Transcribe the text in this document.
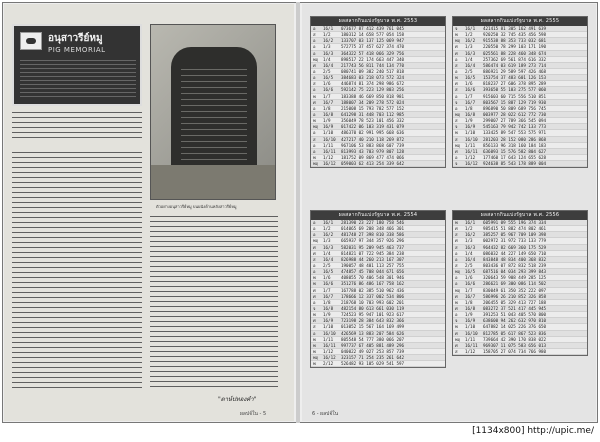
อนุสาวรีย์หมู
PIG MEMORIAL
ตัวอย่างอนุสาวรีย์หมู บนผนังด้านหลังสาวรีย์หมู
"ดาษ์ปทองคำ"
ผลปจ์ใน - 5
ผลสลากกินแบ่งรัฐบาล พ.ศ. 2553
อ 16/1 073677 87 412 439 761 045
ส 1/2 180312 14 658 577 054 158
อ 16/2 133707 03 137 125 069 947
อ 1/3 572775 37 457 627 374 470
อ 16/3 364322 57 418 066 329 756
พฤ 1/4 898517 22 174 663 447 340
ศ 16/4 217743 56 811 744 134 770
อ 2/5 080741 09 382 240 517 818
อ 16/5 384683 03 218 073 572 324
ส 1/6 446874 81 374 298 986 672
อ 16/6 592142 75 223 129 803 256
พ 1/7 183388 46 669 850 818 981
ศ 16/7 188007 34 209 278 572 024
อ 1/8 215008 15 793 782 577 152
อ 16/8 641298 31 448 703 112 985
พ 1/9 356049 78 523 101 456 332
พฤ 16/9 017422 06 103 319 431 079
อ 1/10 486370 02 991 995 668 636
ส 16/10 427217 40 210 118 269 872
อ 1/11 967106 53 883 868 607 739
อ 16/11 813993 43 703 979 807 128
พ 1/12 181752 09 869 477 474 066
พฤ 16/12 059003 62 413 254 339 642
ผลสลากกินแบ่งรัฐบาล พ.ศ. 2555
จ 16/1 421415 81 305 162 491 639
พ 1/2 920250 32 745 435 456 598
พฤ 16/2 915538 88 353 733 032 681
ศ 1/3 220550 78 299 103 171 190
ศ 16/3 025561 88 228 460 348 674
อ 1/4 257362 69 561 874 616 332
ส 16/4 586474 03 619 189 273 714
อ 2/5 886921 29 589 597 426 468
พ 16/5 153754 37 483 601 126 153
ศ 1/6 818237 27 606 378 895 289
ส 16/6 393650 55 103 275 577 060
อ 1/7 915603 60 715 556 510 851
จ 16/7 803567 15 887 129 719 930
อ 1/8 896890 50 809 689 756 745
พฤ 16/8 003977 28 022 612 772 730
ส 1/9 299007 27 789 366 545 094
จ 16/9 545163 79 942 742 133 773
พ 1/10 133425 89 547 553 575 971
ส 16/10 281203 28 152 080 286 868
พฤ 1/11 856133 96 318 160 184 183
ศ 16/11 636093 15 576 582 804 627
อ 1/12 177460 17 643 124 655 628
จ 16/12 924638 85 543 178 889 004
ผลสลากกินแบ่งรัฐบาล พ.ศ. 2554
อ 16/1 281390 23 227 180 758 546
อ 1/2 014065 69 208 348 466 301
อ 16/2 481748 27 398 810 338 586
พฤ 1/3 665937 97 344 357 926 296
ศ 16/3 582031 95 209 945 463 737
ศ 1/4 814821 07 722 945 384 238
ส 16/4 826988 44 260 213 167 307
อ 2/5 190057 48 401 113 257 755
อ 16/5 474857 45 708 044 671 656
พ 1/6 408055 70 406 548 301 946
พ 16/6 351276 86 486 167 758 162
ศ 1/7 167788 02 385 510 962 436
ศ 16/7 178666 12 337 002 534 806
อ 1/8 218768 10 703 993 602 201
จ 16/8 482154 80 613 661 030 119
พ 1/9 724523 95 947 101 923 617
ศ 16/9 723198 28 384 643 832 366
ส 1/10 013052 15 567 164 169 499
อ 16/10 426569 13 883 207 584 626
พ 1/11 805548 54 777 380 066 207
พ 16/11 997737 67 405 881 489 296
พ 1/12 040022 49 027 253 857 739
พฤ 16/12 323157 71 254 235 261 642
พ 2/12 526482 93 105 029 541 597
ผลสลากกินแบ่งรัฐบาล พ.ศ. 2556
พ 16/1 605991 09 555 196 374 334
ศ 1/2 985415 51 882 474 802 461
ส 16/2 385257 05 967 709 109 398
ศ 1/3 002972 31 972 733 133 779
ส 16/3 964432 82 669 360 175 529
อ 1/4 086032 44 227 149 650 710
อ 16/4 843848 48 834 400 368 832
ส 2/5 803436 07 872 832 518 239
พฤ 16/5 687516 04 034 293 399 843
อ 1/6 320643 59 908 449 285 125
อ 16/6 286621 69 300 086 114 502
พฤ 1/7 830049 61 350 352 222 097
ศ 16/7 586996 26 210 852 326 858
พ 1/8 206455 05 329 413 727 188
ศ 16/8 083272 37 521 417 445 945
อ 1/9 391253 51 043 405 570 800
จ 16/9 638600 94 262 632 970 810
พ 1/10 647882 14 025 226 376 650
ศ 16/10 812785 05 617 867 523 836
พฤ 1/11 739664 42 390 170 838 022
ศ 16/11 969307 11 075 583 656 013
ส 1/12 158705 27 074 734 766 980
6 - ผลปจ์ใน
[1134x800] http://upic.me/
